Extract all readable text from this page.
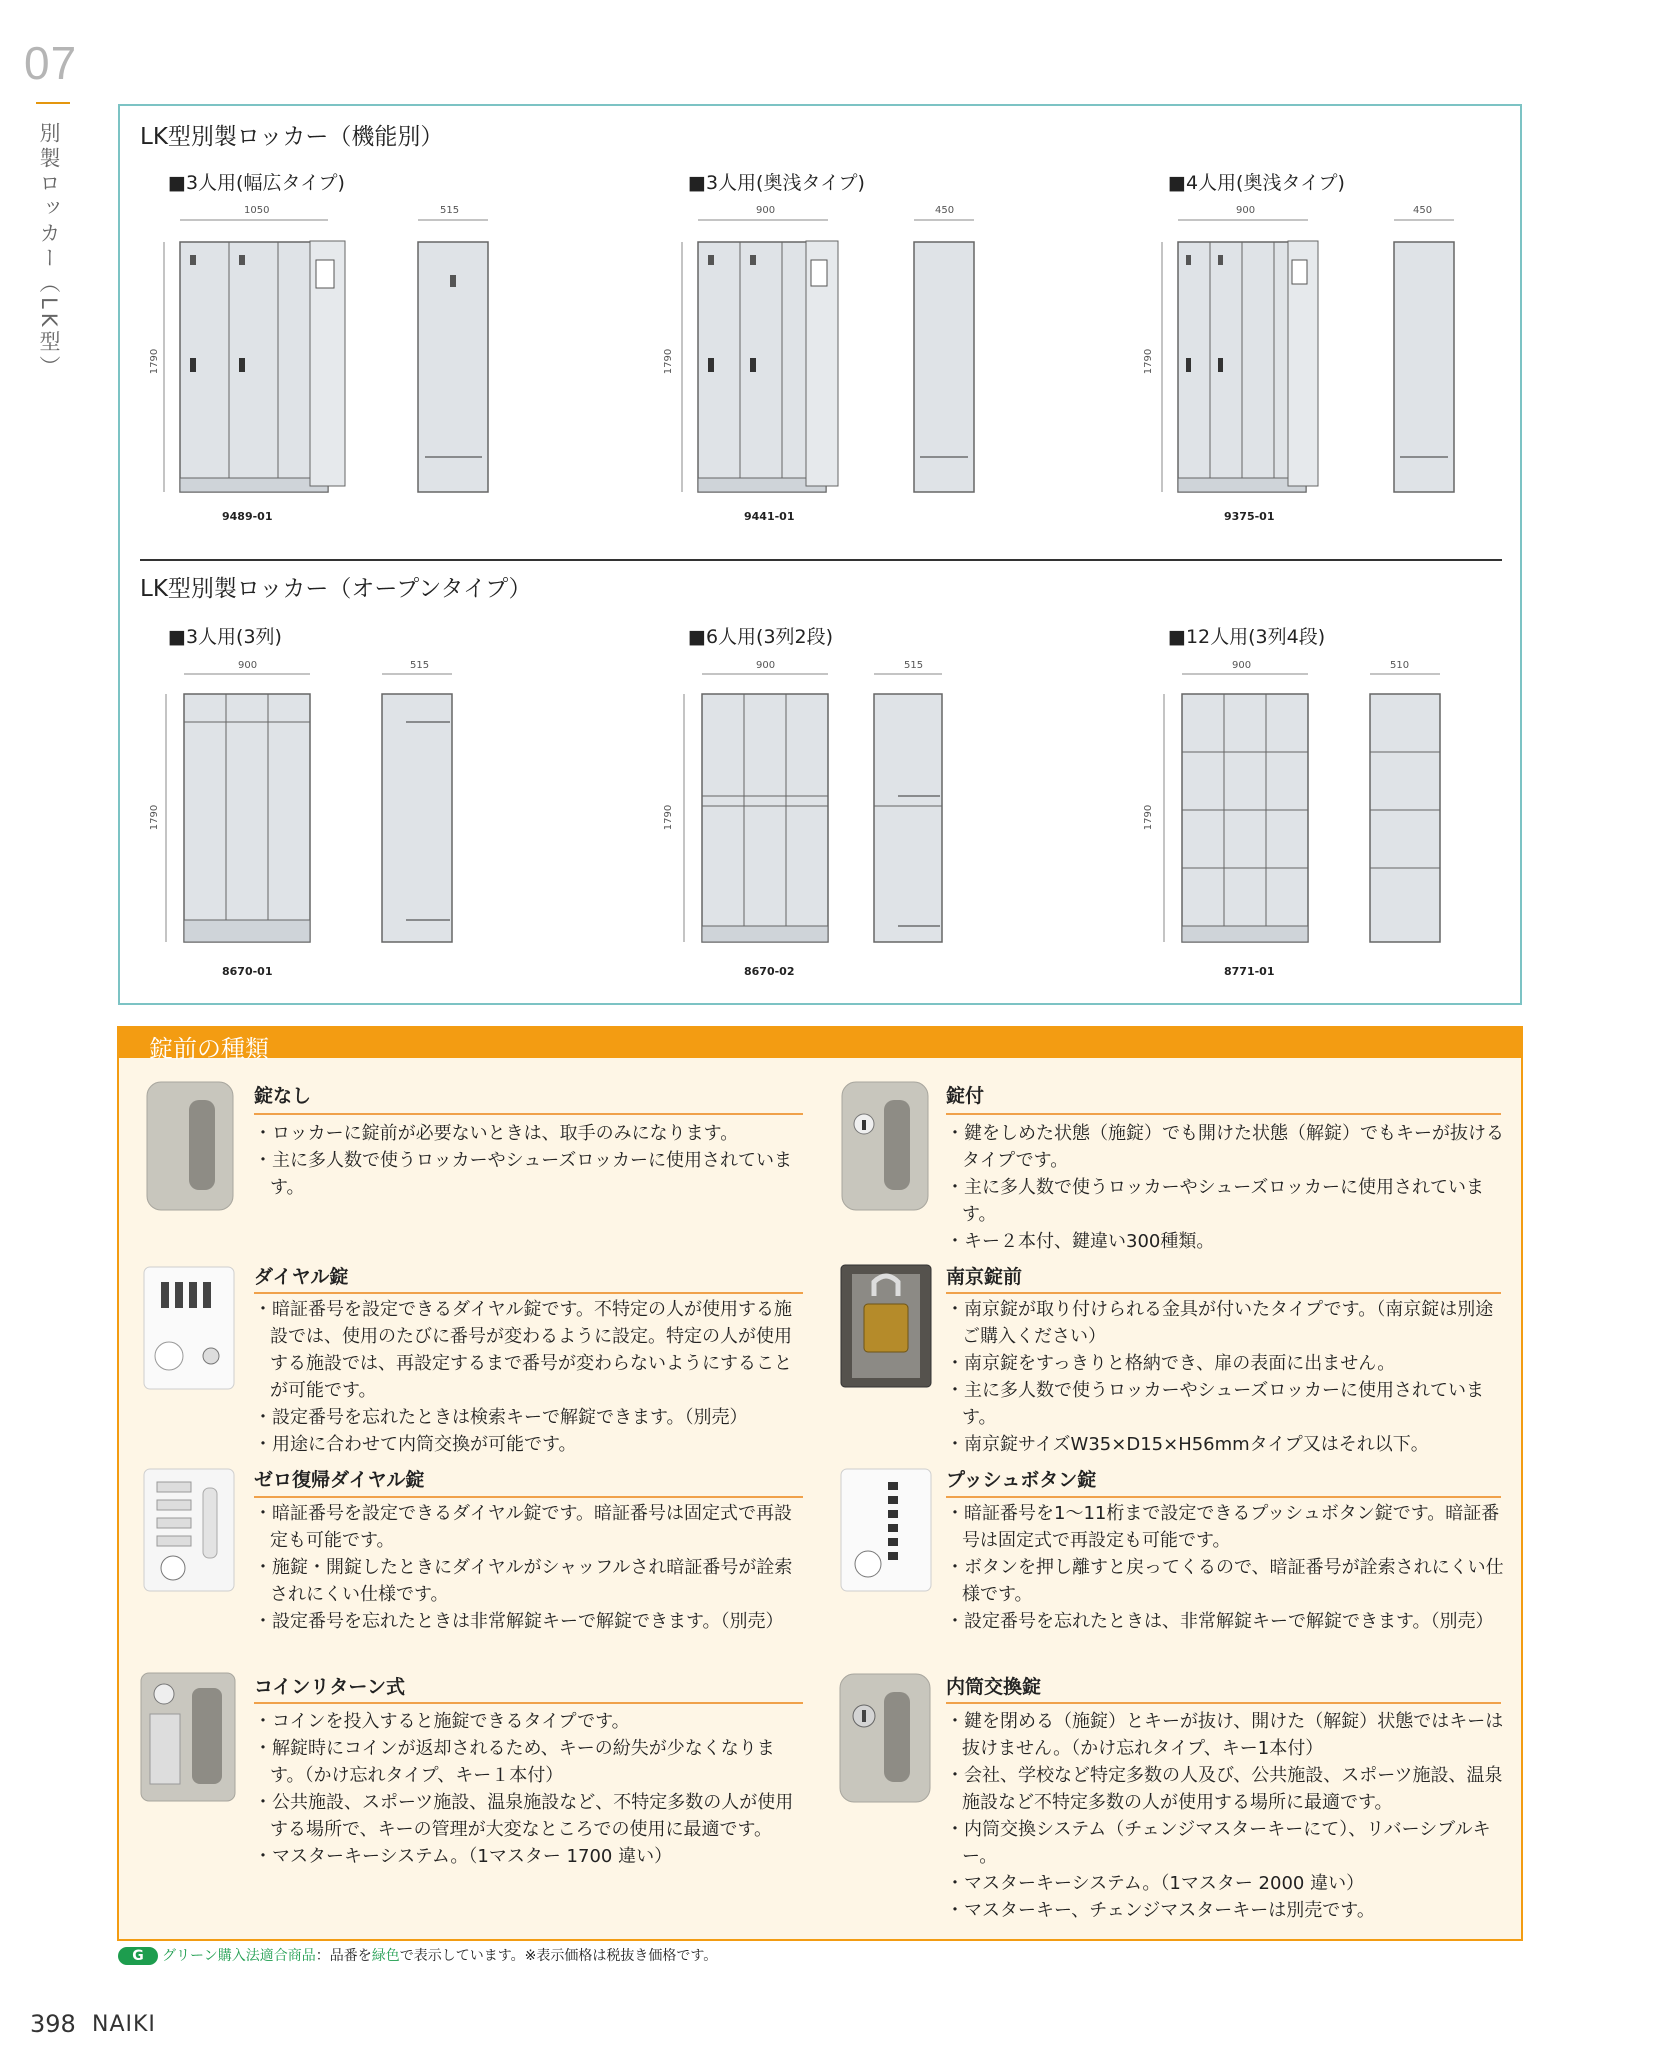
07
別製ロッカー（LK型）	LK型別製ロッカー（機能別）
■3人用(幅広タイプ)	■3人用(奥浅タイプ)	■4人用(奥浅タイプ)
1050	515
1790
900	450
1790
900	450
1790
9489-01	9441-01	9375-01
LK型別製ロッカー（オープンタイプ）
■3人用(3列)	■6人用(3列2段)	■12人用(3列4段)
900	515
1790
900	515
1790
900	510
1790
8670-01	8670-02	8771-01
錠前の種類
錠なし
・ ロッカーに錠前が必要ないときは、取手のみになります。
・ 主に多人数で使うロッカーやシューズロッカーに使用されています。
錠付
・ 鍵をしめた状態（施錠）でも開けた状態（解錠）でもキーが抜けるタイプです。
・ 主に多人数で使うロッカーやシューズロッカーに使用されています。
・ キー２本付、鍵違い300種類。
ダイヤル錠
・ 暗証番号を設定できるダイヤル錠です。不特定の人が使用する施設では、使用のたびに番号が変わるように設定。特定の人が使用する施設では、再設定するまで番号が変わらないようにすることが可能です。
・ 設定番号を忘れたときは検索キーで解錠できます。（別売）
・ 用途に合わせて内筒交換が可能です。
南京錠前
・ 南京錠が取り付けられる金具が付いたタイプです。（南京錠は別途ご購入ください）
・ 南京錠をすっきりと格納でき、扉の表面に出ません。
・ 主に多人数で使うロッカーやシューズロッカーに使用されています。
・ 南京錠サイズW35×D15×H56mmタイプ又はそれ以下。
ゼロ復帰ダイヤル錠
・ 暗証番号を設定できるダイヤル錠です。暗証番号は固定式で再設定も可能です。
・ 施錠・開錠したときにダイヤルがシャッフルされ暗証番号が詮索されにくい仕様です。
・ 設定番号を忘れたときは非常解錠キーで解錠できます。（別売）
プッシュボタン錠
・ 暗証番号を1～11桁まで設定できるプッシュボタン錠です。暗証番号は固定式で再設定も可能です。
・ ボタンを押し離すと戻ってくるので、暗証番号が詮索されにくい仕様です。
・ 設定番号を忘れたときは、非常解錠キーで解錠できます。（別売）
コインリターン式
・ コインを投入すると施錠できるタイプです。
・ 解錠時にコインが返却されるため、キーの紛失が少なくなります。（かけ忘れタイプ、キー１本付）
・ 公共施設、スポーツ施設、温泉施設など、不特定多数の人が使用する場所で、キーの管理が大変なところでの使用に最適です。
・ マスターキーシステム。（1マスター 1700 違い）
内筒交換錠
・ 鍵を閉める（施錠）とキーが抜け、開けた（解錠）状態ではキーは抜けません。（かけ忘れタイプ、キー1本付）
・ 会社、学校など特定多数の人及び、公共施設、スポーツ施設、温泉施設など不特定多数の人が使用する場所に最適です。
・ 内筒交換システム（チェンジマスターキーにて）、リバーシブルキー。
・ マスターキーシステム。（1マスター 2000 違い）
・ マスターキー、チェンジマスターキーは別売です。
G グリーン購入法適合商品：品番を緑色で表示しています。※表示価格は税抜き価格です。
398 NAIKI
